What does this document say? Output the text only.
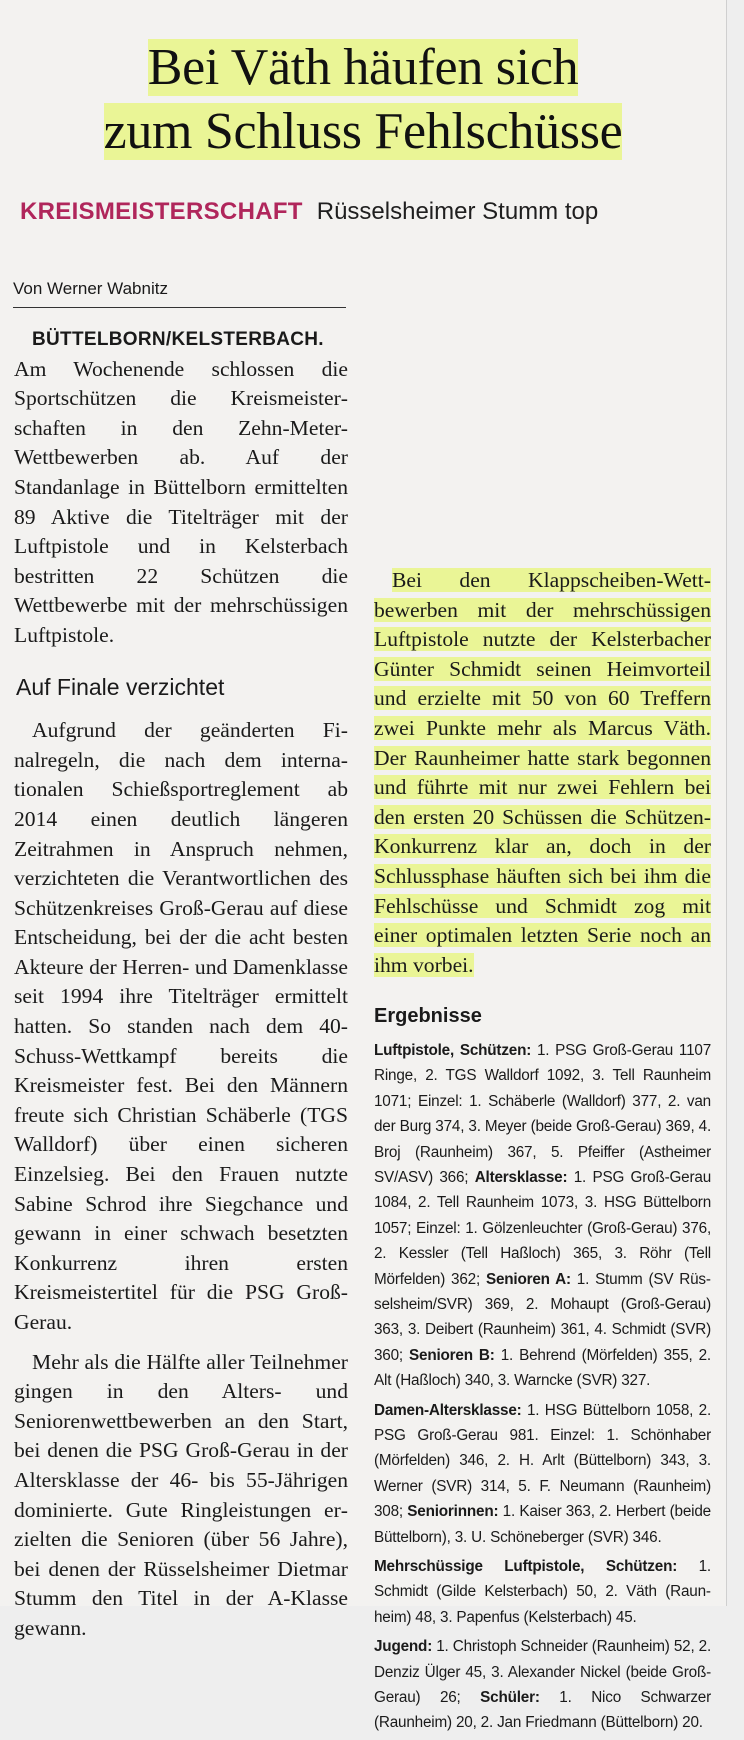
Bei Väth häufen sich
zum Schluss Fehlschüsse
KREISMEISTERSCHAFT Rüsselsheimer Stumm top
Von Werner Wabnitz

BÜTTELBORN/KELSTERBACH. Am Wochenende schlossen die Sportschützen die Kreismeisterschaften in den Zehn-Meter-Wettbewerben ab. Auf der Standanlage in Büttelborn ermittelten 89 Aktive die Titelträger mit der Luftpistole und in Kelsterbach bestritten 22 Schützen die Wettbewerbe mit der mehrschüssigen Luftpistole.

Auf Finale verzichtet

Aufgrund der geänderten Finalregeln, die nach dem internationalen Schießsportreglement ab 2014 einen deutlich längeren Zeitrahmen in Anspruch nehmen, verzichteten die Verantwortlichen des Schützenkreises Groß-Gerau auf diese Entscheidung, bei der die acht besten Akteure der Herren- und Damenklasse seit 1994 ihre Titelträger ermittelt hatten. So standen nach dem 40-Schuss-Wettkampf bereits die Kreismeister fest. Bei den Männern freute sich Christian Schäberle (TGS Walldorf) über einen sicheren Einzelsieg. Bei den Frauen nutzte Sabine Schrod ihre Siegchance und gewann in einer schwach besetzten Konkurrenz ihren ersten Kreismeistertitel für die PSG Groß-Gerau.

Mehr als die Hälfte aller Teilnehmer gingen in den Alters- und Seniorenwettbewerben an den Start, bei denen die PSG Groß-Gerau in der Altersklasse der 46- bis 55-Jährigen dominierte. Gute Ringleistungen erzielten die Senioren (über 56 Jahre), bei denen der Rüsselsheimer Dietmar Stumm den Titel in der A-Klasse gewann.

Bei den Klappscheiben-Wettbewerben mit der mehrschüssigen Luftpistole nutzte der Kelsterbacher Günter Schmidt seinen Heimvorteil und erzielte mit 50 von 60 Treffern zwei Punkte mehr als Marcus Väth. Der Raunheimer hatte stark begonnen und führte mit nur zwei Fehlern bei den ersten 20 Schüssen die Schützen-Konkurrenz klar an, doch in der Schlussphase häuften sich bei ihm die Fehlschüsse und Schmidt zog mit einer optimalen letzten Serie noch an ihm vorbei.

Ergebnisse

Luftpistole, Schützen: 1. PSG Groß-Gerau 1107 Ringe, 2. TGS Walldorf 1092, 3. Tell Raunheim 1071; Einzel: 1. Schäberle (Walldorf) 377, 2. van der Burg 374, 3. Meyer (beide Groß-Gerau) 369, 4. Broj (Raunheim) 367, 5. Pfeiffer (Astheimer SV/ASV) 366; Altersklasse: 1. PSG Groß-Gerau 1084, 2. Tell Raunheim 1073, 3. HSG Büttelborn 1057; Einzel: 1. Gölzenleuchter (Groß-Gerau) 376, 2. Kessler (Tell Haßloch) 365, 3. Röhr (Tell Mörfelden) 362; Senioren A: 1. Stumm (SV Rüsselsheim/SVR) 369, 2. Mohaupt (Groß-Gerau) 363, 3. Deibert (Raunheim) 361, 4. Schmidt (SVR) 360; Senioren B: 1. Behrend (Mörfelden) 355, 2. Alt (Haßloch) 340, 3. Warncke (SVR) 327.

Damen-Altersklasse: 1. HSG Büttelborn 1058, 2. PSG Groß-Gerau 981. Einzel: 1. Schönhaber (Mörfelden) 346, 2. H. Arlt (Büttelborn) 343, 3. Werner (SVR) 314, 5. F. Neumann (Raunheim) 308; Seniorinnen: 1. Kaiser 363, 2. Herbert (beide Büttelborn), 3. U. Schöneberger (SVR) 346.

Mehrschüssige Luftpistole, Schützen: 1. Schmidt (Gilde Kelsterbach) 50, 2. Väth (Raunheim) 48, 3. Papenfus (Kelsterbach) 45.

Jugend: 1. Christoph Schneider (Raunheim) 52, 2. Denziz Ülger 45, 3. Alexander Nickel (beide Groß-Gerau) 26; Schüler: 1. Nico Schwarzer (Raunheim) 20, 2. Jan Friedmann (Büttelborn) 20.
